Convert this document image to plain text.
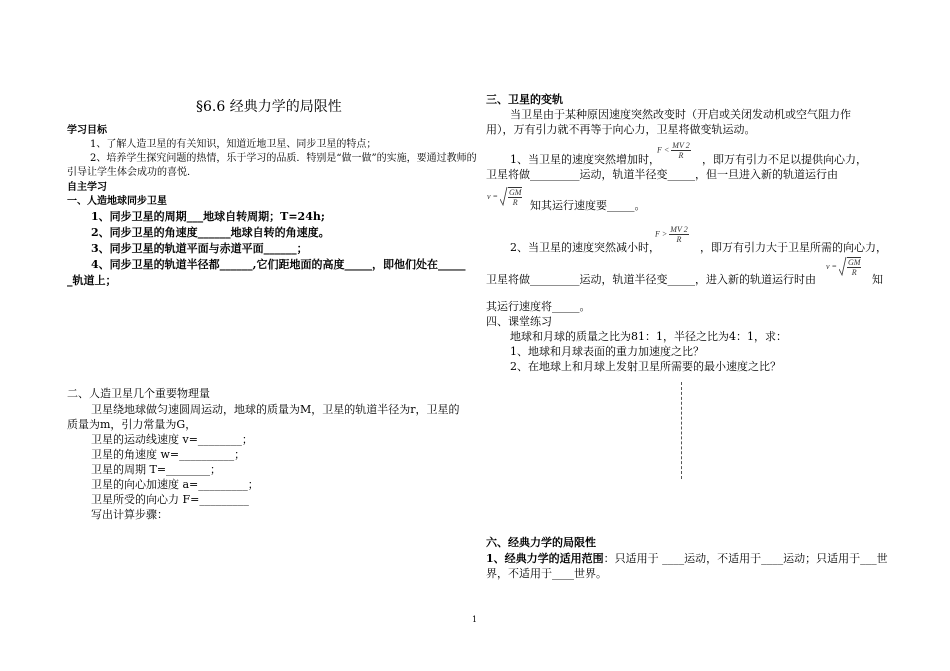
§6.6 经典力学的局限性
学习目标
1、了解人造卫星的有关知识，知道近地卫星、同步卫星的特点；
2、培养学生探究问题的热情，乐于学习的品质．特别是“做一做”的实施，要通过教师的
引导让学生体会成功的喜悦．
自主学习
一、人造地球同步卫星
1、同步卫星的周期___地球自转周期；T=24h;
2、同步卫星的角速度______地球自转的角速度。
3、同步卫星的轨道平面与赤道平面______；
4、同步卫星的轨道半径都______,它们距地面的高度_____，即他们处在_____
_轨道上；
二、人造卫星几个重要物理量
卫星绕地球做匀速圆周运动，地球的质量为M，卫星的轨道半径为r，卫星的
质量为m，引力常量为G，
卫星的运动线速度 v=________；
卫星的角速度 w=__________；
卫星的周期 T=________；
卫星的向心加速度 a=_________；
卫星所受的向心力 F=_________
写出计算步骤：
三、卫星的变轨
当卫星由于某种原因速度突然改变时（开启或关闭发动机或空气阻力作
用），万有引力就不再等于向心力，卫星将做变轨运动。
1、当卫星的速度突然增加时，
$F < \frac{MV 2}{R}$ ，即万有引力不足以提供向心力，
卫星将做_________运动，轨道半径变_____，但一旦进入新的轨道运行由
$v = \frac{GM}{R}$ 知其运行速度要_____。
2、当卫星的速度突然减小时，
$F > \frac{MV 2}{R}$
，即万有引力大于卫星所需的向心力，
卫星将做_________运动，轨道半径变_____，进入新的轨道运行时由
$v = \frac{GM}{R}$
知
其运行速度将_____。
四、课堂练习
地球和月球的质量之比为81：1，半径之比为4：1，求：
1、地球和月球表面的重力加速度之比？
2、在地球上和月球上发射卫星所需要的最小速度之比？
六、经典力学的局限性
1、经典力学的适用范围：只适用于 ____运动，不适用于____运动；只适用于___世
界，不适用于____世界。
1
